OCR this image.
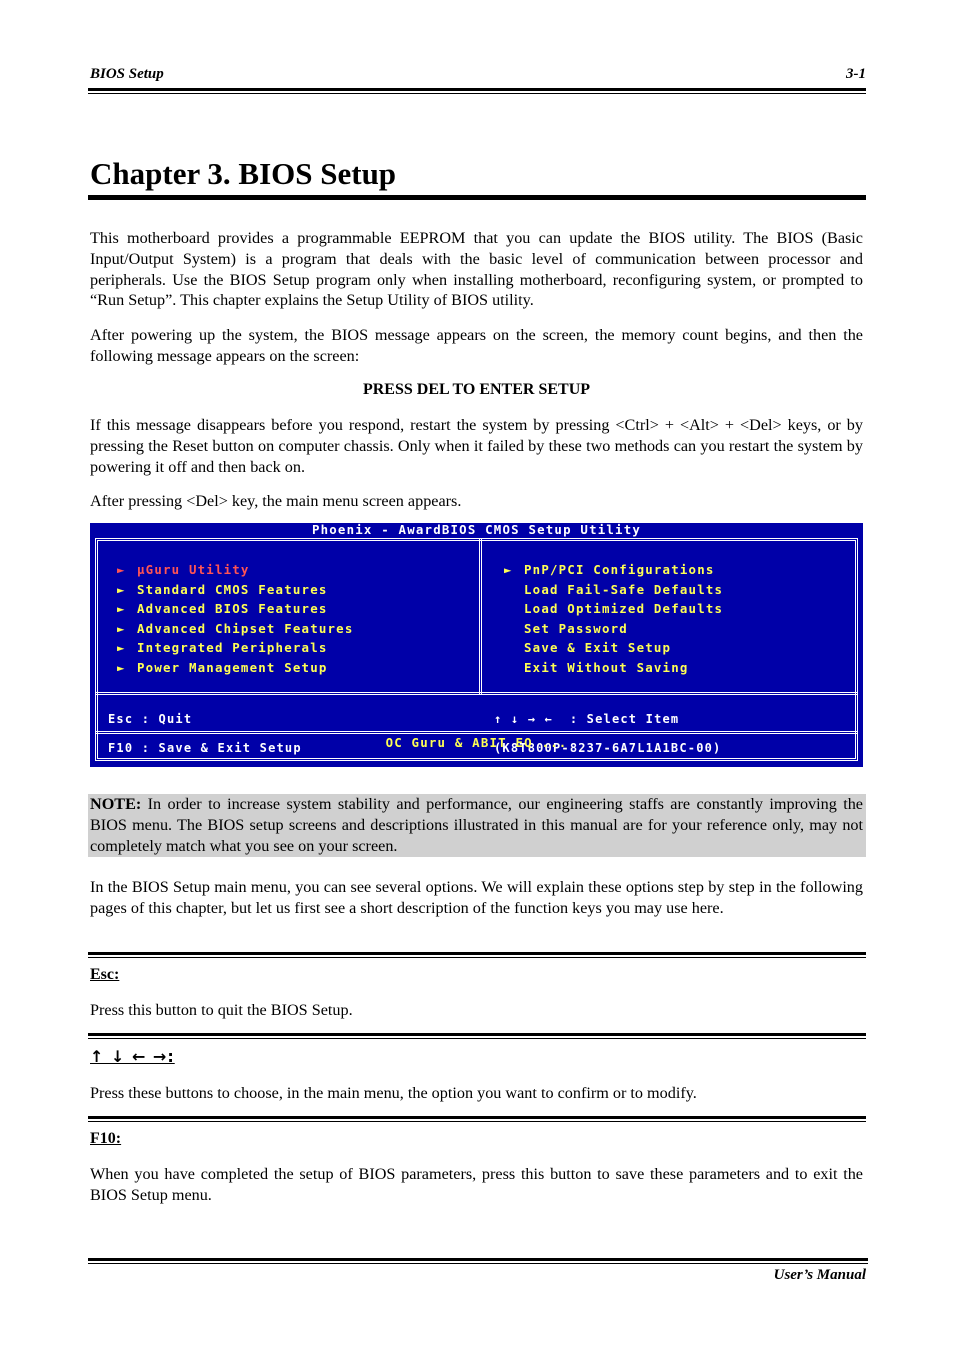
BIOS Setup	3-1
Chapter 3. BIOS Setup
This motherboard provides a programmable EEPROM that you can update the BIOS utility. The BIOS (Basic Input/Output System) is a program that deals with the basic level of communication between processor and peripherals. Use the BIOS Setup program only when installing motherboard, reconfiguring system, or prompted to “Run Setup”. This chapter explains the Setup Utility of BIOS utility.
After powering up the system, the BIOS message appears on the screen, the memory count begins, and then the following message appears on the screen:
PRESS DEL TO ENTER SETUP
If this message disappears before you respond, restart the system by pressing <Ctrl> + <Alt> + <Del> keys, or by pressing the Reset button on computer chassis. Only when it failed by these two methods can you restart the system by powering it off and then back on.
After pressing <Del> key, the main menu screen appears.
Phoenix - AwardBIOS CMOS Setup Utility
► µGuru Utility
► Standard CMOS Features
► Advanced BIOS Features
► Advanced Chipset Features
► Integrated Peripherals
► Power Management Setup
► PnP/PCI Configurations
Load Fail-Safe Defaults
Load Optimized Defaults
Set Password
Save & Exit Setup
Exit Without Saving

Esc : Quit

F10 : Save & Exit Setup

F6  : Save PROFILE To BIOS

↑ ↓ → ←  : Select Item

(K8T800P-8237-6A7L1A1BC-00)

F7  : Load PROFILE From BIOS

OC Guru & ABIT EQ ...
NOTE: In order to increase system stability and performance, our engineering staffs are constantly improving the BIOS menu. The BIOS setup screens and descriptions illustrated in this manual are for your reference only, may not completely match what you see on your screen.
In the BIOS Setup main menu, you can see several options. We will explain these options step by step in the following pages of this chapter, but let us first see a short description of the function keys you may use here.
Esc:
Press this button to quit the BIOS Setup.
↑ ↓ ← →:
Press these buttons to choose, in the main menu, the option you want to confirm or to modify.
F10:
When you have completed the setup of BIOS parameters, press this button to save these parameters and to exit the BIOS Setup menu.
User’s Manual
